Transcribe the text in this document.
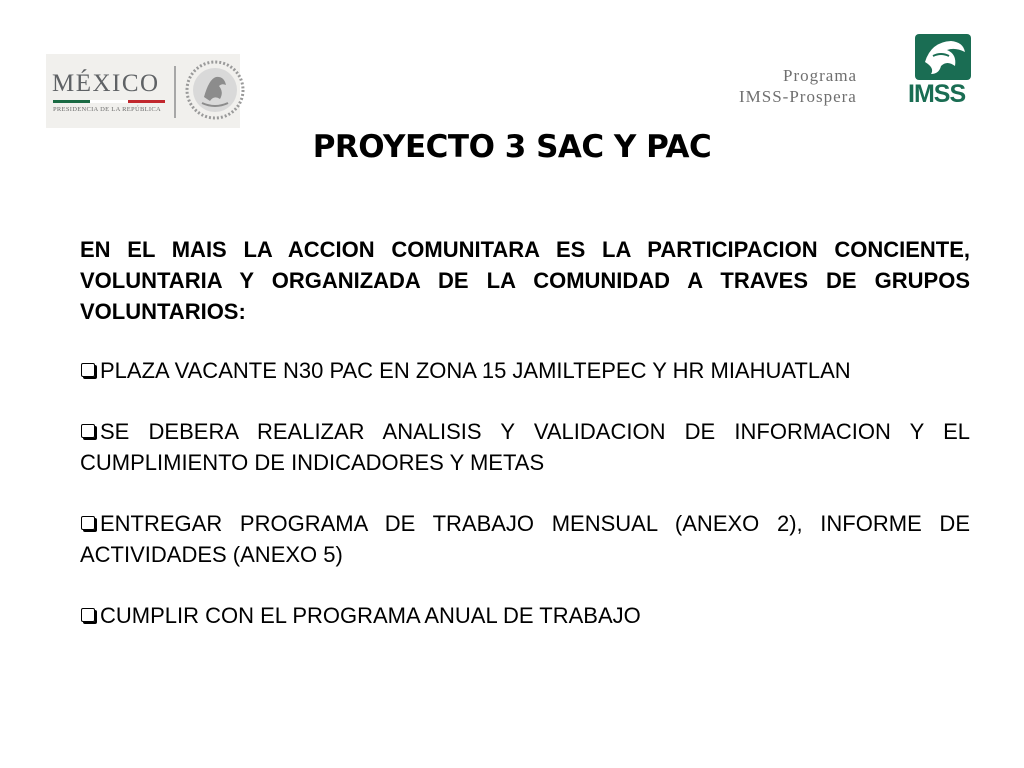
MÉXICO
PRESIDENCIA DE LA REPÚBLICA
Programa
IMSS-Prospera IMSS
PROYECTO 3 SAC Y PAC

EN EL MAIS LA ACCION COMUNITARA ES LA PARTICIPACION CONCIENTE, VOLUNTARIA Y ORGANIZADA DE LA COMUNIDAD A TRAVES DE GRUPOS VOLUNTARIOS:

PLAZA VACANTE N30 PAC EN ZONA 15 JAMILTEPEC Y HR MIAHUATLAN
SE DEBERA REALIZAR ANALISIS Y VALIDACION DE INFORMACION Y EL CUMPLIMIENTO DE INDICADORES Y METAS
ENTREGAR PROGRAMA DE TRABAJO MENSUAL (ANEXO 2), INFORME DE ACTIVIDADES (ANEXO 5)
CUMPLIR CON EL PROGRAMA ANUAL DE TRABAJO
